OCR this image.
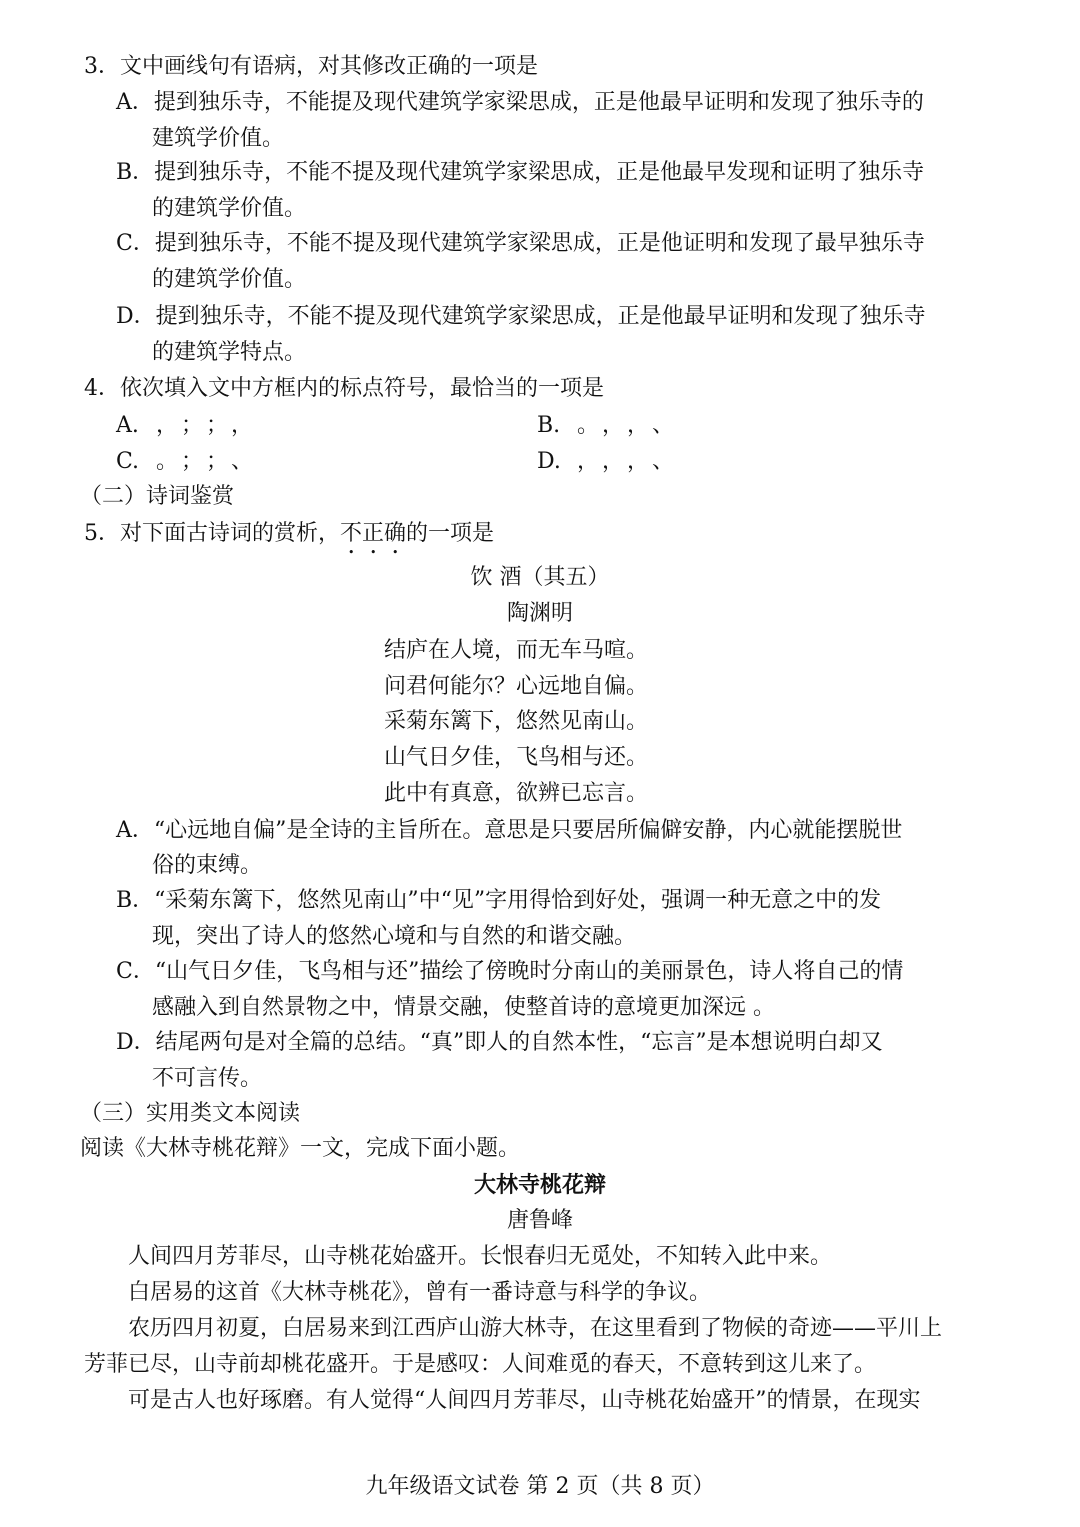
3．文中画线句有语病，对其修改正确的一项是
A．提到独乐寺，不能提及现代建筑学家梁思成，正是他最早证明和发现了独乐寺的
建筑学价值。
B．提到独乐寺，不能不提及现代建筑学家梁思成，正是他最早发现和证明了独乐寺
的建筑学价值。
C．提到独乐寺，不能不提及现代建筑学家梁思成，正是他证明和发现了最早独乐寺
的建筑学价值。
D．提到独乐寺，不能不提及现代建筑学家梁思成，正是他最早证明和发现了独乐寺
的建筑学特点。
4．依次填入文中方框内的标点符号，最恰当的一项是
A. ，；；，	B. 。，，、
C. 。；；、	D. ，，，、
（二）诗词鉴赏
5．对下面古诗词的赏析，不正确的一项是
饮 酒（其五）
陶渊明
结庐在人境，而无车马喧。
问君何能尔？心远地自偏。
采菊东篱下，悠然见南山。
山气日夕佳，飞鸟相与还。
此中有真意，欲辨已忘言。
A．“心远地自偏”是全诗的主旨所在。意思是只要居所偏僻安静，内心就能摆脱世
俗的束缚。
B．“采菊东篱下，悠然见南山”中“见”字用得恰到好处，强调一种无意之中的发
现，突出了诗人的悠然心境和与自然的和谐交融。
C．“山气日夕佳，飞鸟相与还”描绘了傍晚时分南山的美丽景色，诗人将自己的情
感融入到自然景物之中，情景交融，使整首诗的意境更加深远 。
D．结尾两句是对全篇的总结。“真”即人的自然本性，“忘言”是本想说明白却又
不可言传。
（三）实用类文本阅读
阅读《大林寺桃花辩》一文，完成下面小题。
大林寺桃花辩
唐鲁峰
人间四月芳菲尽，山寺桃花始盛开。长恨春归无觅处，不知转入此中来。
白居易的这首《大林寺桃花》，曾有一番诗意与科学的争议。
农历四月初夏，白居易来到江西庐山游大林寺，在这里看到了物候的奇迹——平川上
芳菲已尽，山寺前却桃花盛开。于是感叹：人间难觅的春天，不意转到这儿来了。
可是古人也好琢磨。有人觉得“人间四月芳菲尽，山寺桃花始盛开”的情景，在现实
九年级语文试卷 第 2 页（共 8 页）
